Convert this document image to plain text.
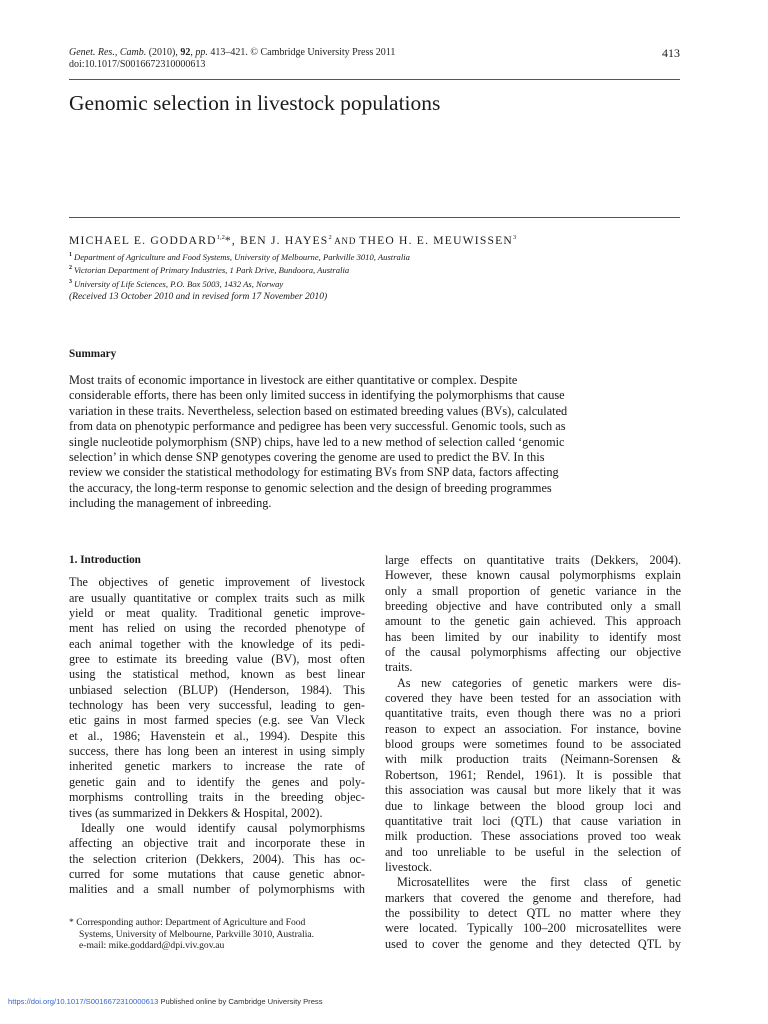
Genet. Res., Camb. (2010), 92, pp. 413–421. © Cambridge University Press 2011
doi:10.1017/S0016672310000613
413
Genomic selection in livestock populations
MICHAEL E. GODDARD$^{1,2}$*, BEN J. HAYES$^2$ AND THEO H. E. MEUWISSEN$^3$
$^1$ Department of Agriculture and Food Systems, University of Melbourne, Parkville 3010, Australia
$^2$ Victorian Department of Primary Industries, 1 Park Drive, Bundoora, Australia
$^3$ University of Life Sciences, P.O. Box 5003, 1432 As, Norway
(Received 13 October 2010 and in revised form 17 November 2010)
Summary
Most traits of economic importance in livestock are either quantitative or complex. Despite
considerable efforts, there has been only limited success in identifying the polymorphisms that cause
variation in these traits. Nevertheless, selection based on estimated breeding values (BVs), calculated
from data on phenotypic performance and pedigree has been very successful. Genomic tools, such as
single nucleotide polymorphism (SNP) chips, have led to a new method of selection called ‘genomic
selection’ in which dense SNP genotypes covering the genome are used to predict the BV. In this
review we consider the statistical methodology for estimating BVs from SNP data, factors affecting
the accuracy, the long-term response to genomic selection and the design of breeding programmes
including the management of inbreeding.
1. Introduction
The objectives of genetic improvement of livestock
are usually quantitative or complex traits such as milk
yield or meat quality. Traditional genetic improve-
ment has relied on using the recorded phenotype of
each animal together with the knowledge of its pedi-
gree to estimate its breeding value (BV), most often
using the statistical method, known as best linear
unbiased selection (BLUP) (Henderson, 1984). This
technology has been very successful, leading to gen-
etic gains in most farmed species (e.g. see Van Vleck
et al., 1986; Havenstein et al., 1994). Despite this
success, there has long been an interest in using simply
inherited genetic markers to increase the rate of
genetic gain and to identify the genes and poly-
morphisms controlling traits in the breeding objec-
tives (as summarized in Dekkers & Hospital, 2002).
Ideally one would identify causal polymorphisms
affecting an objective trait and incorporate these in
the selection criterion (Dekkers, 2004). This has oc-
curred for some mutations that cause genetic abnor-
malities and a small number of polymorphisms with
large effects on quantitative traits (Dekkers, 2004).
However, these known causal polymorphisms explain
only a small proportion of genetic variance in the
breeding objective and have contributed only a small
amount to the genetic gain achieved. This approach
has been limited by our inability to identify most
of the causal polymorphisms affecting our objective
traits.
As new categories of genetic markers were dis-
covered they have been tested for an association with
quantitative traits, even though there was no a priori
reason to expect an association. For instance, bovine
blood groups were sometimes found to be associated
with milk production traits (Neimann-Sorensen &
Robertson, 1961; Rendel, 1961). It is possible that
this association was causal but more likely that it was
due to linkage between the blood group loci and
quantitative trait loci (QTL) that cause variation in
milk production. These associations proved too weak
and too unreliable to be useful in the selection of
livestock.
Microsatellites were the first class of genetic
markers that covered the genome and therefore, had
the possibility to detect QTL no matter where they
were located. Typically 100–200 microsatellites were
used to cover the genome and they detected QTL by
* Corresponding author: Department of Agriculture and Food
Systems, University of Melbourne, Parkville 3010, Australia.
e-mail: mike.goddard@dpi.viv.gov.au
https://doi.org/10.1017/S0016672310000613 Published online by Cambridge University Press
